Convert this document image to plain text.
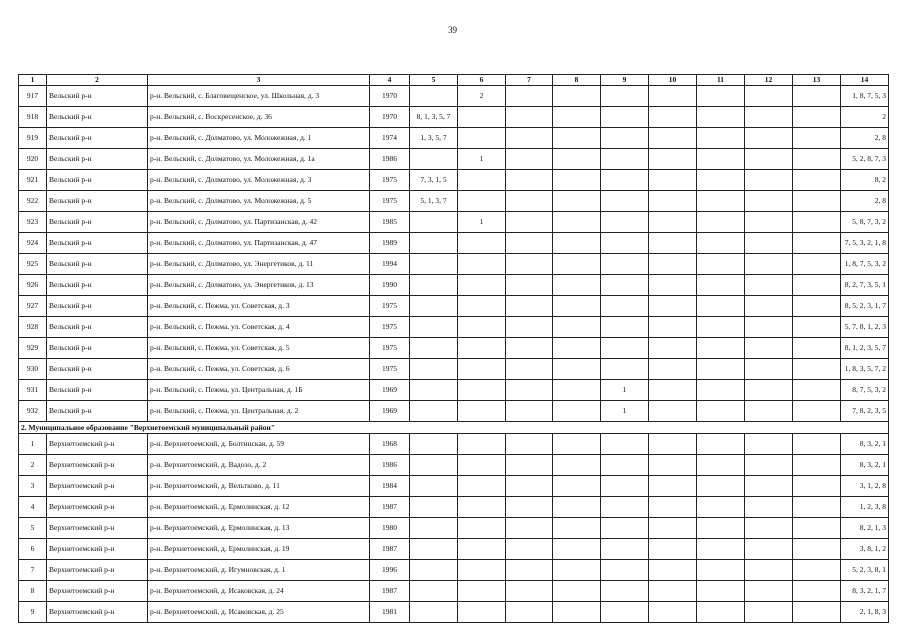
39
1	2	3	4	5	6	7	8	9	10	11	12	13	14
917	Вельский р-н	р-н. Вельский, с. Благовещенское, ул. Школьная, д. 3	1970		2								1, 8, 7, 5, 3
918	Вельский р-н	р-н. Вельский, с. Воскресенское, д. 36	1970	8, 1, 3, 5, 7									2
919	Вельский р-н	р-н. Вельский, с. Долматово, ул. Моложежная, д. 1	1974	1, 3, 5, 7									2, 8
920	Вельский р-н	р-н. Вельский, с. Долматово, ул. Моложежная, д. 1а	1986		1								5, 2, 8, 7, 3
921	Вельский р-н	р-н. Вельский, с. Долматово, ул. Моложежная, д. 3	1975	7, 3, 1, 5									8, 2
922	Вельский р-н	р-н. Вельский, с. Долматово, ул. Моложежная, д. 5	1975	5, 1, 3, 7									2, 8
923	Вельский р-н	р-н. Вельский, с. Долматово, ул. Партизанская, д. 42	1985		1								5, 8, 7, 3, 2
924	Вельский р-н	р-н. Вельский, с. Долматово, ул. Партизанская, д. 47	1989										7, 5, 3, 2, 1, 8
925	Вельский р-н	р-н. Вельский, с. Долматово, ул. Энергетиков, д. 11	1994										1, 8, 7, 5, 3, 2
926	Вельский р-н	р-н. Вельский, с. Долматово, ул. Энергетиков, д. 13	1990										8, 2, 7, 3, 5, 1
927	Вельский р-н	р-н. Вельский, с. Пежма, ул. Советская, д. 3	1975										8, 5, 2, 3, 1, 7
928	Вельский р-н	р-н. Вельский, с. Пежма, ул. Советская, д. 4	1975										5, 7, 8, 1, 2, 3
929	Вельский р-н	р-н. Вельский, с. Пежма, ул. Советская, д. 5	1975										8, 1, 2, 3, 5, 7
930	Вельский р-н	р-н. Вельский, с. Пежма, ул. Советская, д. 6	1975										1, 8, 3, 5, 7, 2
931	Вельский р-н	р-н. Вельский, с. Пежма, ул. Центральная, д. 1Б	1969					1					8, 7, 5, 3, 2
932	Вельский р-н	р-н. Вельский, с. Пежма, ул. Центральная, д. 2	1969					1					7, 8, 2, 3, 5
2. Муниципальное образование "Верхнетоемский муниципальный район"													
1	Верхнетоемский р-н	р-н. Верхнетоемский, д. Болтинская, д. 59	1968										8, 3, 2, 1
2	Верхнетоемский р-н	р-н. Верхнетоемский, д. Вадозо, д. 2	1986										8, 3, 2, 1
3	Верхнетоемский р-н	р-н. Верхнетоемский, д. Вельтково, д. 11	1984										3, 1, 2, 8
4	Верхнетоемский р-н	р-н. Верхнетоемский, д. Ермолинская, д. 12	1987										1, 2, 3, 8
5	Верхнетоемский р-н	р-н. Верхнетоемский, д. Ермолинская, д. 13	1980										8, 2, 1, 3
6	Верхнетоемский р-н	р-н. Верхнетоемский, д. Ермолинская, д. 19	1987										3, 8, 1, 2
7	Верхнетоемский р-н	р-н. Верхнетоемский, д. Игумновская, д. 1	1996										5, 2, 3, 8, 1
8	Верхнетоемский р-н	р-н. Верхнетоемский, д. Исаковская, д. 24	1987										8, 3, 2, 1, 7
9	Верхнетоемский р-н	р-н. Верхнетоемский, д. Исаковская, д. 25	1981										2, 1, 8, 3
